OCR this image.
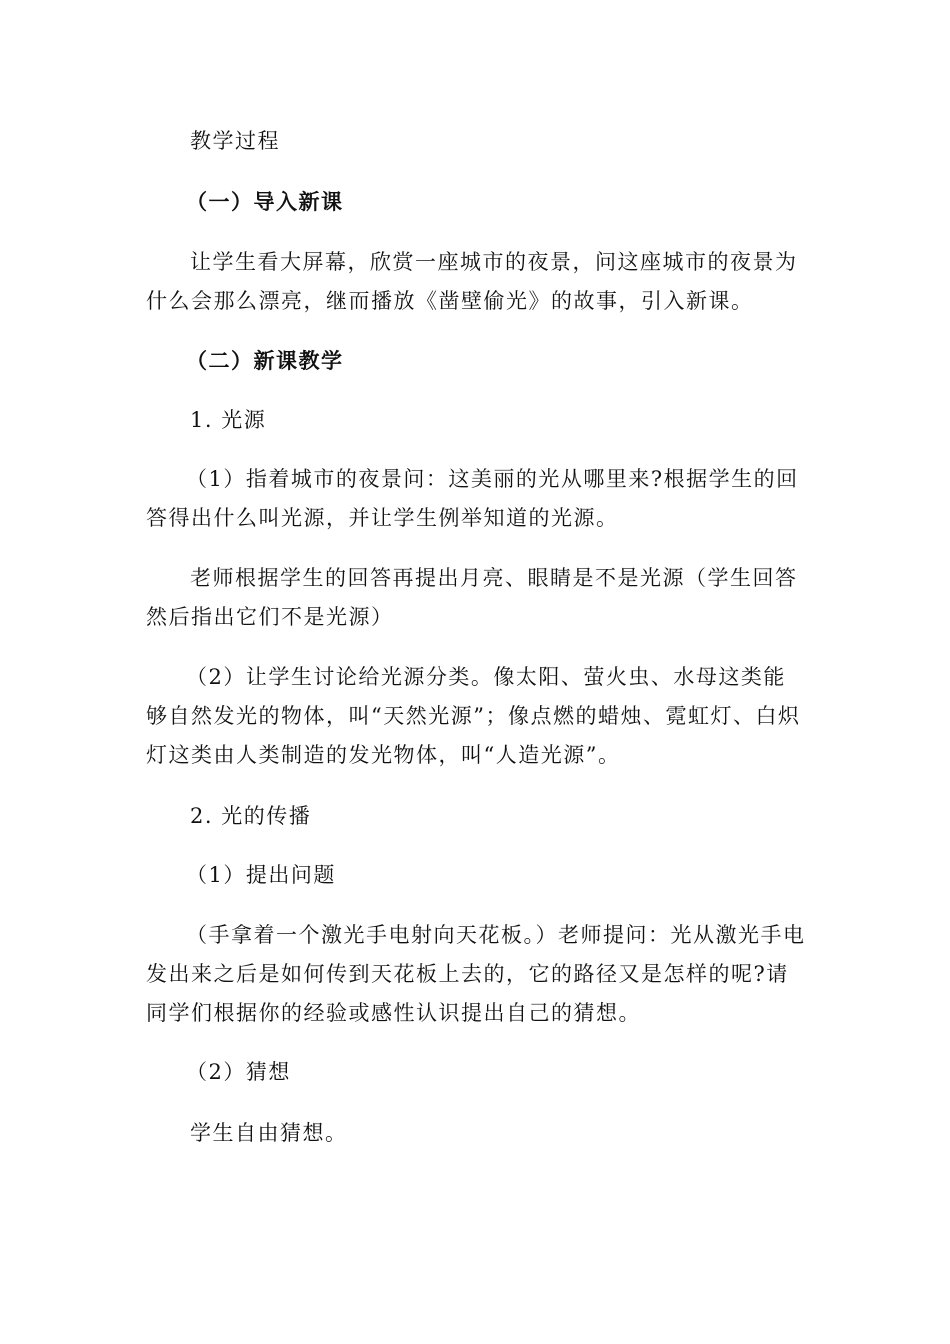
教学过程

（一）导入新课

让学生看大屏幕，欣赏一座城市的夜景，问这座城市的夜景为什么会那么漂亮，继而播放《凿壁偷光》的故事，引入新课。

（二）新课教学

1. 光源

（1）指着城市的夜景问：这美丽的光从哪里来?根据学生的回答得出什么叫光源，并让学生例举知道的光源。

老师根据学生的回答再提出月亮、眼睛是不是光源（学生回答然后指出它们不是光源）

（2）让学生讨论给光源分类。像太阳、萤火虫、水母这类能够自然发光的物体，叫“天然光源”；像点燃的蜡烛、霓虹灯、白炽灯这类由人类制造的发光物体，叫“人造光源”。

2. 光的传播

（1）提出问题

（手拿着一个激光手电射向天花板。）老师提问：光从激光手电发出来之后是如何传到天花板上去的，它的路径又是怎样的呢?请同学们根据你的经验或感性认识提出自己的猜想。

（2）猜想

学生自由猜想。
